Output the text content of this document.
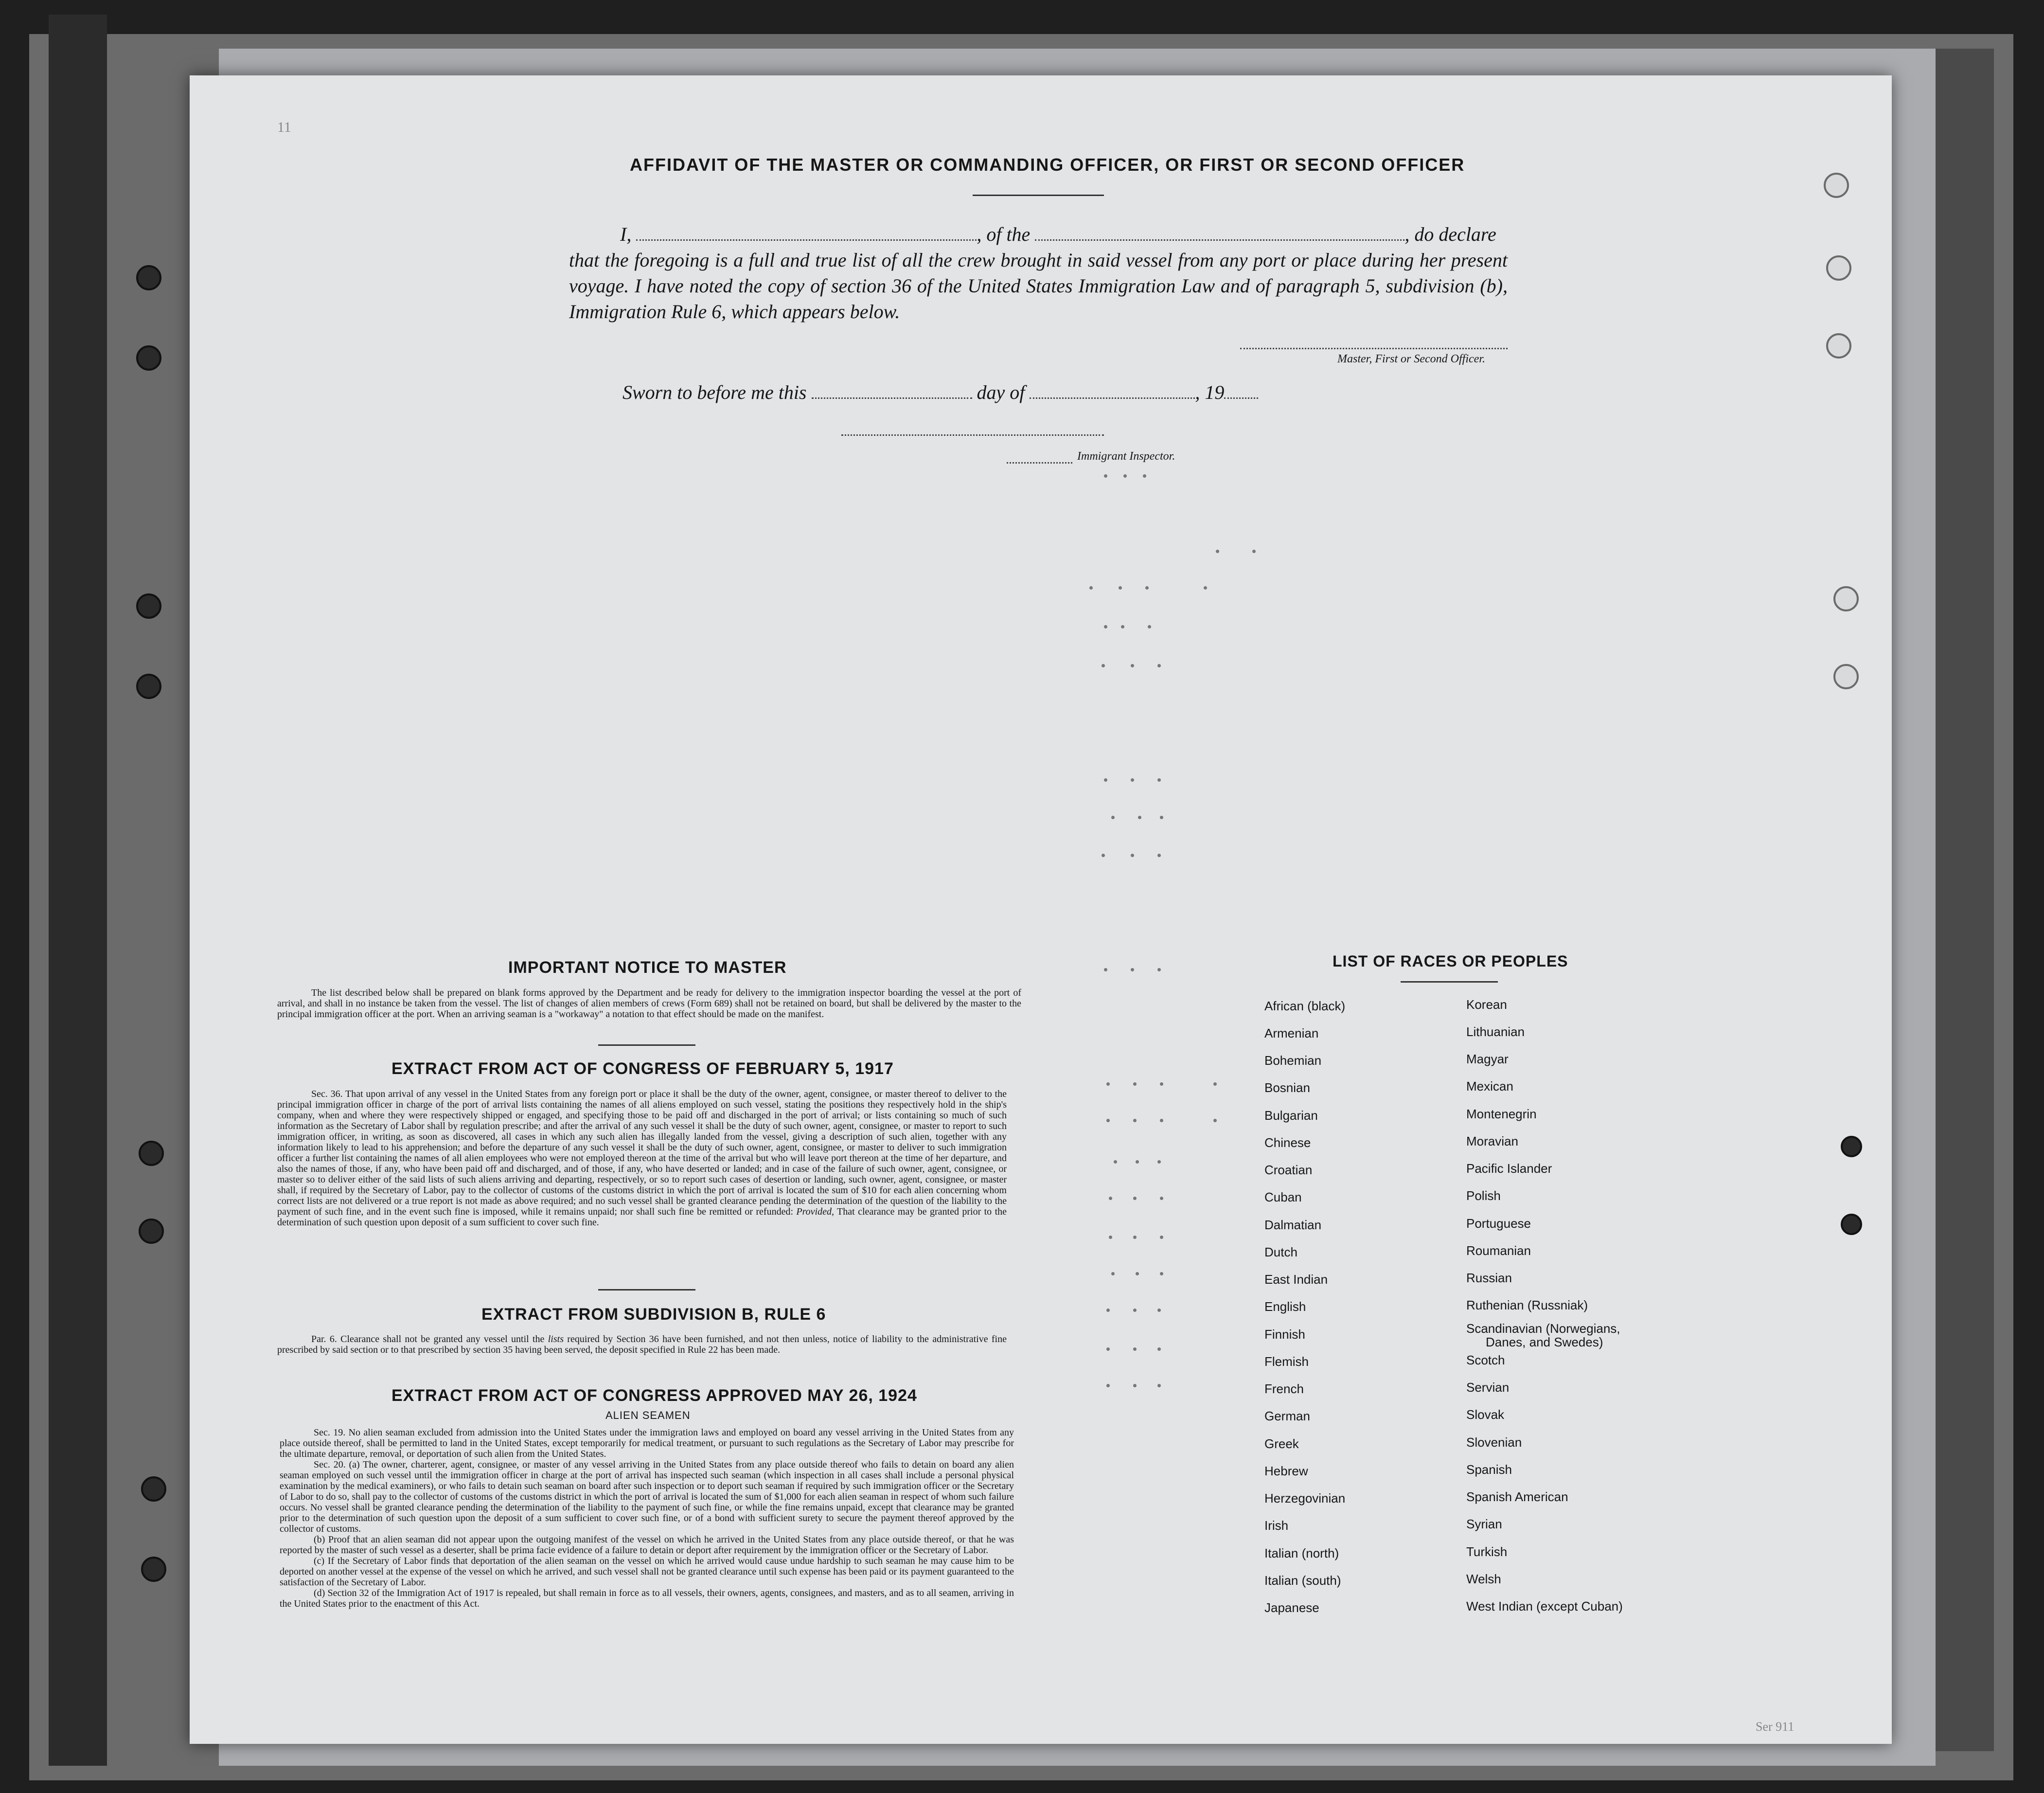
11
Ser 911
AFFIDAVIT OF THE MASTER OR COMMANDING OFFICER, OR FIRST OR SECOND OFFICER
I,	, of the	, do declare
that the foregoing is a full and true list of all the crew brought in said vessel from any port or place during her present voyage. I have noted the copy of section 36 of the United States Immigration Law and of paragraph 5, subdivision (b), Immigration Rule 6, which appears below.
Master, First or Second Officer.
Sworn to before me this	day of	, 19
Immigrant Inspector.
IMPORTANT NOTICE TO MASTER
The list described below shall be prepared on blank forms approved by the Department and be ready for delivery to the immigration inspector boarding the vessel at the port of arrival, and shall in no instance be taken from the vessel. The list of changes of alien members of crews (Form 689) shall not be retained on board, but shall be delivered by the master to the principal immigration officer at the port. When an arriving seaman is a "workaway" a notation to that effect should be made on the manifest.
EXTRACT FROM ACT OF CONGRESS OF FEBRUARY 5, 1917
Sec. 36. That upon arrival of any vessel in the United States from any foreign port or place it shall be the duty of the owner, agent, consignee, or master thereof to deliver to the principal immigration officer in charge of the port of arrival lists containing the names of all aliens employed on such vessel, stating the positions they respectively hold in the ship's company, when and where they were respectively shipped or engaged, and specifying those to be paid off and discharged in the port of arrival; or lists containing so much of such information as the Secretary of Labor shall by regulation prescribe; and after the arrival of any such vessel it shall be the duty of such owner, agent, consignee, or master to report to such immigration officer, in writing, as soon as discovered, all cases in which any such alien has illegally landed from the vessel, giving a description of such alien, together with any information likely to lead to his apprehension; and before the departure of any such vessel it shall be the duty of such owner, agent, consignee, or master to deliver to such immigration officer a further list containing the names of all alien employees who were not employed thereon at the time of the arrival but who will leave port thereon at the time of her departure, and also the names of those, if any, who have been paid off and discharged, and of those, if any, who have deserted or landed; and in case of the failure of such owner, agent, consignee, or master so to deliver either of the said lists of such aliens arriving and departing, respectively, or so to report such cases of desertion or landing, such owner, agent, consignee, or master shall, if required by the Secretary of Labor, pay to the collector of customs of the customs district in which the port of arrival is located the sum of $10 for each alien concerning whom correct lists are not delivered or a true report is not made as above required; and no such vessel shall be granted clearance pending the determination of the question of the liability to the payment of such fine, and in the event such fine is imposed, while it remains unpaid; nor shall such fine be remitted or refunded: Provided, That clearance may be granted prior to the determination of such question upon deposit of a sum sufficient to cover such fine.
EXTRACT FROM SUBDIVISION B, RULE 6
Par. 6. Clearance shall not be granted any vessel until the lists required by Section 36 have been furnished, and not then unless, notice of liability to the administrative fine prescribed by said section or to that prescribed by section 35 having been served, the deposit specified in Rule 22 has been made.
EXTRACT FROM ACT OF CONGRESS APPROVED MAY 26, 1924
ALIEN SEAMEN

Sec. 19. No alien seaman excluded from admission into the United States under the immigration laws and employed on board any vessel arriving in the United States from any place outside thereof, shall be permitted to land in the United States, except temporarily for medical treatment, or pursuant to such regulations as the Secretary of Labor may prescribe for the ultimate departure, removal, or deportation of such alien from the United States.

Sec. 20. (a) The owner, charterer, agent, consignee, or master of any vessel arriving in the United States from any place outside thereof who fails to detain on board any alien seaman employed on such vessel until the immigration officer in charge at the port of arrival has inspected such seaman (which inspection in all cases shall include a personal physical examination by the medical examiners), or who fails to detain such seaman on board after such inspection or to deport such seaman if required by such immigration officer or the Secretary of Labor to do so, shall pay to the collector of customs of the customs district in which the port of arrival is located the sum of $1,000 for each alien seaman in respect of whom such failure occurs. No vessel shall be granted clearance pending the determination of the liability to the payment of such fine, or while the fine remains unpaid, except that clearance may be granted prior to the determination of such question upon the deposit of a sum sufficient to cover such fine, or of a bond with sufficient surety to secure the payment thereof approved by the collector of customs.

(b) Proof that an alien seaman did not appear upon the outgoing manifest of the vessel on which he arrived in the United States from any place outside thereof, or that he was reported by the master of such vessel as a deserter, shall be prima facie evidence of a failure to detain or deport after requirement by the immigration officer or the Secretary of Labor.

(c) If the Secretary of Labor finds that deportation of the alien seaman on the vessel on which he arrived would cause undue hardship to such seaman he may cause him to be deported on another vessel at the expense of the vessel on which he arrived, and such vessel shall not be granted clearance until such expense has been paid or its payment guaranteed to the satisfaction of the Secretary of Labor.

(d) Section 32 of the Immigration Act of 1917 is repealed, but shall remain in force as to all vessels, their owners, agents, consignees, and masters, and as to all seamen, arriving in the United States prior to the enactment of this Act.

LIST OF RACES OR PEOPLES
African (black)
Armenian
Bohemian
Bosnian
Bulgarian
Chinese
Croatian
Cuban
Dalmatian
Dutch
East Indian
English
Finnish
Flemish
French
German
Greek
Hebrew
Herzegovinian
Irish
Italian (north)
Italian (south)
Japanese
Korean
Lithuanian
Magyar
Mexican
Montenegrin
Moravian
Pacific Islander
Polish
Portuguese
Roumanian
Russian
Ruthenian (Russniak)
Scandinavian (Norwegians,
Danes, and Swedes)
Scotch
Servian
Slovak
Slovenian
Spanish
Spanish American
Syrian
Turkish
Welsh
West Indian (except Cuban)
